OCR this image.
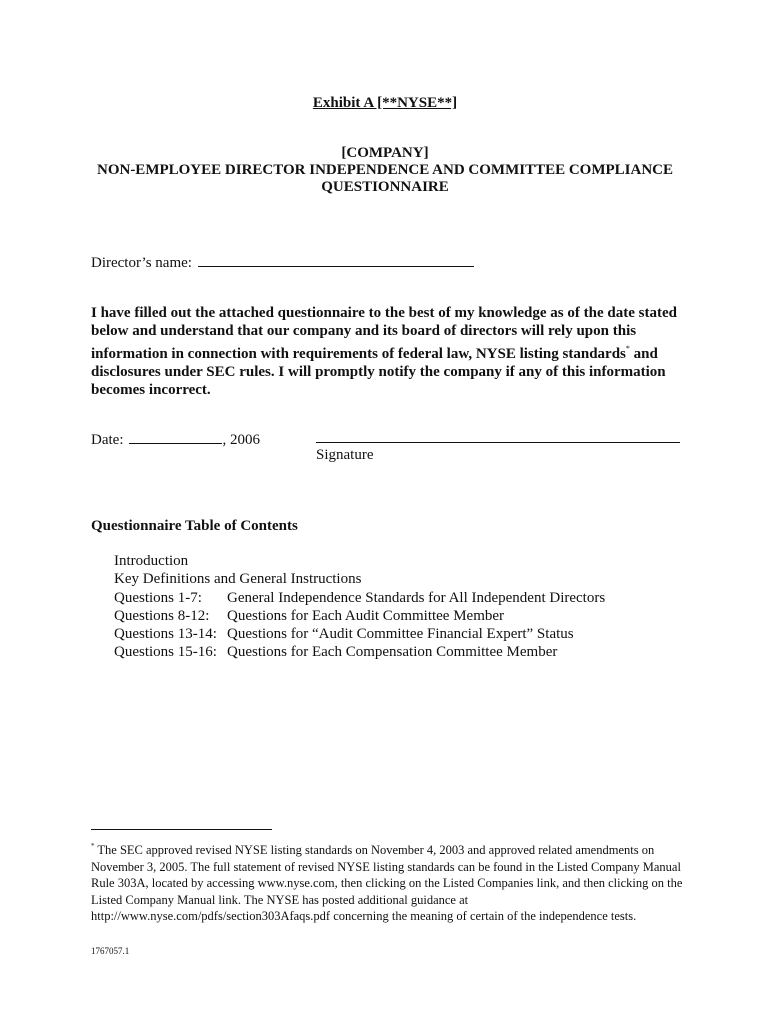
Exhibit A [**NYSE**]
[COMPANY]
NON-EMPLOYEE DIRECTOR INDEPENDENCE AND COMMITTEE COMPLIANCE
QUESTIONNAIRE
Director’s name:
I have filled out the attached questionnaire to the best of my knowledge as of the date stated below and understand that our company and its board of directors will rely upon this information in connection with requirements of federal law, NYSE listing standards* and disclosures under SEC rules. I will promptly notify the company if any of this information becomes incorrect.
Date:	, 2006
Signature
Questionnaire Table of Contents
Introduction
Key Definitions and General Instructions
Questions 1-7:	General Independence Standards for All Independent Directors
Questions 8-12:	Questions for Each Audit Committee Member
Questions 13-14: Questions for “Audit Committee Financial Expert” Status
Questions 15-16: Questions for Each Compensation Committee Member
* The SEC approved revised NYSE listing standards on November 4, 2003 and approved related amendments on November 3, 2005. The full statement of revised NYSE listing standards can be found in the Listed Company Manual Rule 303A, located by accessing www.nyse.com, then clicking on the Listed Companies link, and then clicking on the Listed Company Manual link. The NYSE has posted additional guidance at http://www.nyse.com/pdfs/section303Afaqs.pdf concerning the meaning of certain of the independence tests.
1767057.1
